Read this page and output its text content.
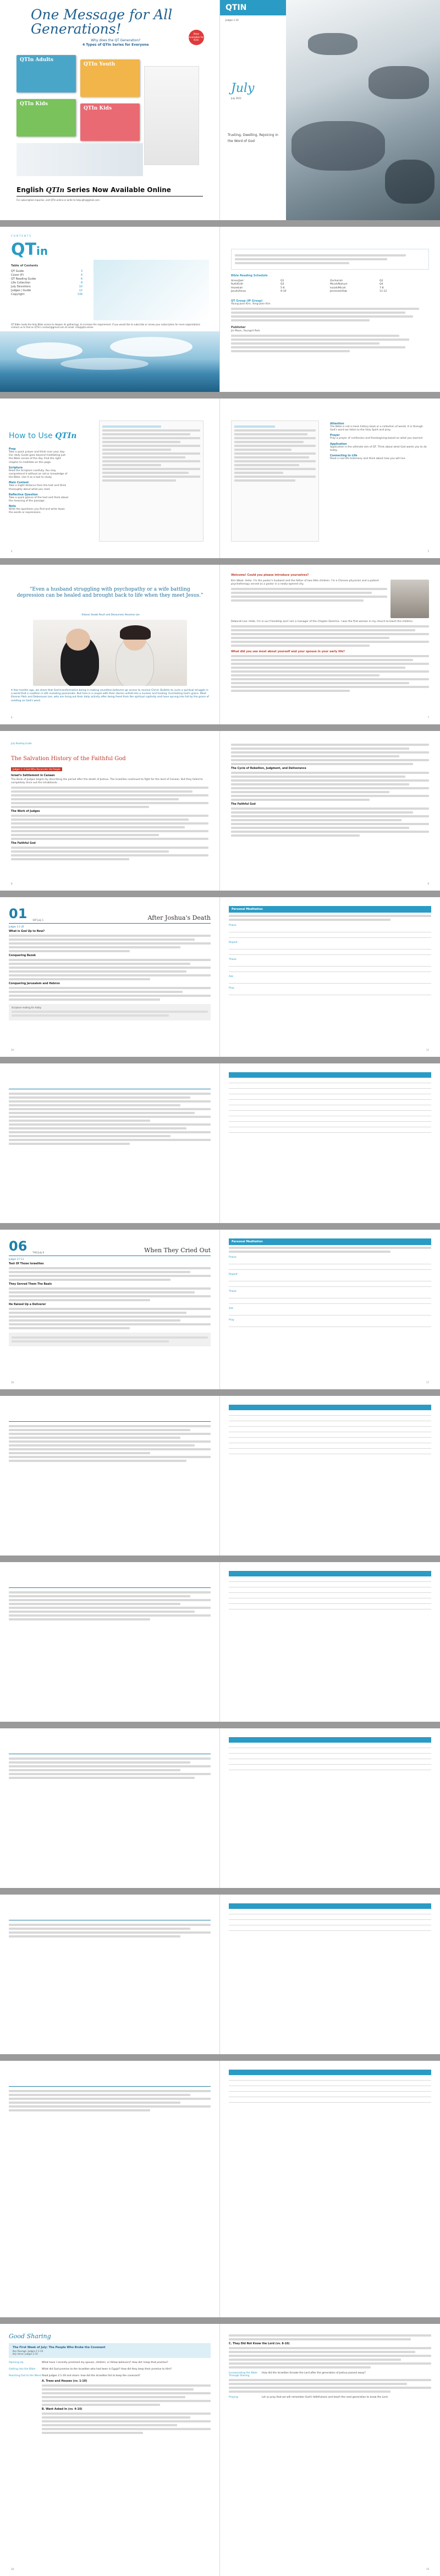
One Message for All Generations!	Now available for Kids
Why does the QT Generation?
4 Types of QTIn Series for Everyone
QTIn Adults
QTIn Youth
QTIn Kids
QTIn Kids
English QTIn Series Now Available Online
For subscription inquiries, visit QTIn.online or write to help.qtin@gmail.com
QTIN
Judges 1-10
Trusting, Dwelling, Rejoicing in the Word of God
July
July 2023
CONTENTS
QTin
Table of Contents
QT Guide	3
Cover (P)	4
QT Reading Guide	6
Life Collection	8
July Devotions	10
Judges / Guide	12
Copyright	136
QT Bible reads the Holy Bible verses to deepen its gatherings, to increase the requirement. If you would like to subscribe or renew your subscription for more organizations contact us to Text on QTIn's contact@gmail.com at email: info@qtin.online
Bible Reading Schedule
Amos/Joel	Q1	Zechariah	Q2
Ruth/Esth	Q3	Micah/Nahum	Q4
Hezekiah	5-6	Isaiah/Micah	7-8
Jonah/Amos	9-10	Jeremiah/Hab	11-12
QT Group (IP Group)
Young-Joon Kim, Yong-Joon Kim
Publisher
Jin Moon, Youngsil Park
How to Use QTIn
Prep
Take a quick prayer and think over your day. Our daily Guide goes beyond meditating just the Bible verses of the day. Find the right chapter to meditate on this page.
Scripture
Read the Scripture carefully. You may comprehend it without an aid or knowledge of the Bible. Use it as a tool to study.
Main Content
Take a slight distance from the text and think thoroughly about what you read.
Reflective Question
Take a quick glance of the text and think about the meaning of the passage.
Note
Write the questions you find and write down the words or expressions.
4
Attention
The Bible is not a mere history book or a collection of words. It is through God's word we listen to the Holy Spirit and pray.
Prayer
Pray a prayer of confession and thanksgiving based on what you learned.
Application
Application is the ultimate aim of QT. Think about what God wants you to do today.
Connecting to Life
Read a real-life testimony and think about how you will live.
5
"Even a husband struggling with psychopathy or a wife battling depression can be healed and brought back to life when they meet Jesus."
- Eleanor Seowk Pouch and Devourness Hovsmon Lee
A few months ago, we share that God transformative being is making countless believers go across to receive Christ. Bulletin to cycle a spiritual struggle in a world that a coalition is still revealing passionate. But here is a couple with their stories unfold into a nuclear and healing. Everlasting God's grace. Meet Eleanor Park and Deborouse Lee, who are living out their daily activity after being freed from the spiritual captivity and have sprung into full by the grace of residing on God's word.
6
Welcome! Could you please introduce yourselves?
Kim Wook: Hello. I'm the pastor's husband and the father of two little children. I'm a Chinese physician and a patient psychotherapy served as a pastor in a newly-opened city.
Deborah Lee: Hello. I'm in our friendship and I am a manager of the Chapter Doctrine. I was the first woman in my church to teach the children.
What did you see most about yourself and your spouse in your early life?
7
July Reading Guide
The Salvation History of the Faithful God
Judges 1: A God Who Reconciles His People
Israel's Settlement in Canaan
The Book of Judges begins by describing the period after the death of Joshua. The Israelites continued to fight for the land of Canaan. But they failed to completely drive out the inhabitants.
The Work of Judges
The Faithful God
8
The Cycle of Rebellion, Judgment, and Deliverance
The Faithful God
9
01	SAT July 1	After Joshua's Death
Judges 1:1-26
What is God Up to Now?
Conquering Bezek
Conquering Jerusalem and Hebron
Scripture reading for today
10
Personal Meditation
Praise
Repent
Thank
Ask
Pray
11
06	THU July 6	When They Cried Out
Judges 3:7-11
Test Of Those Israelites
They Served Them The Baals
He Raised Up a Deliverer
16
Personal Meditation
Praise
Repent
Thank
Ask
Pray
17
Good Sharing
The First Week of July: The People Who Broke the Covenant
Key Passage: Judges 2:1-19
Key Verse: Judges 2:10
Opening Up	What have I recently promised my spouse, children, or fellow believers? How did I keep that promise?
Getting into the Bible	What did God promise to the Israelites who had been in Egypt? How did they keep their promise to Him?
Reaching Out to the Word Read Judges 2:1-19 and share: how did the Israelites fail to keep the covenant?
A. Trees and Houses (vv. 1-10)
B. Want Asked In (vv. 4-10)
18
C. They Did Not Know the Lord (vv. 8-10)
Incorporating the Bible Through Sharing
How did the Israelites forsake the Lord after the generation of Joshua passed away?
Praying	Let us pray that we will remember God's faithfulness and teach the next generation to know the Lord.
19
